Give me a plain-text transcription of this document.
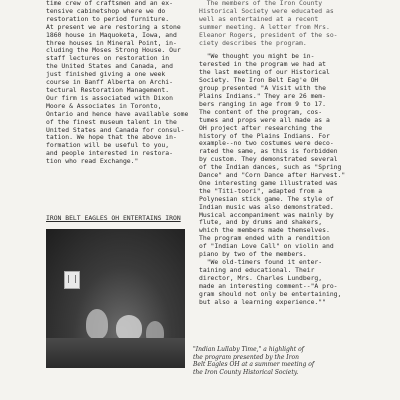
time crew of craftsmen and an ex-
tensive cabinetshop where we do
restoration to period furniture.
At present we are restoring a stone
1860 house in Maquoketa, Iowa, and
three houses in Mineral Point, in-
cluding the Moses Strong House. Our
staff lectures on restoration in
the United States and Canada, and
just finished giving a one week
course in Banff Alberta on Archi-
tectural Restoration Management.
Our firm is associated with Dixon
Moore & Associates in Toronto,
Ontario and hence have available some
of the finest museum talent in the
United States and Canada for consul-
tation. We hope that the above in-
formation will be useful to you,
and people interested in restora-
tion who read Exchange."

IRON BELT EAGLES OH ENTERTAINS IRON

The members of the Iron County
Historical Society were educated as
well as entertained at a recent
summer meeting. A letter from Mrs.
Eleanor Rogers, president of the so-
ciety describes the program.

"We thought you might be in-
terested in the program we had at
the last meeting of our Historical
Society. The Iron Belt Eag'e OH
group presented "A Visit with the
Plains Indians." They are 26 mem-
bers ranging in age from 9 to 17.
The content of the program, cos-
tumes and props were all made as a
OH project after researching the
history of the Plains Indians. For
example--no two costumes were deco-
rated the same, as this is forbidden
by custom. They demonstrated several
of the Indian dances, such as "Spring
Dance" and "Corn Dance after Harvest."

One interesting game illustrated was
the "Titi-toori", adapted from a
Polynesian stick game. The style of
Indian music was also demonstrated.
Musical accompaniment was mainly by
flute, and by drums and shakers,
which the members made themselves.
The program ended with a rendition
of "Indian Love Call" on violin and
piano by two of the members.

"We old-timers found it enter-
taining and educational. Their
director, Mrs. Charles Lundberg,
made an interesting comment--"A pro-
gram should not only be entertaining,
but also a learning experience.""

"Indian Lullaby Time," a highlight of
the program presented by the Iron
Belt Eagles OH at a summer meeting of
the Iron County Historical Society.
